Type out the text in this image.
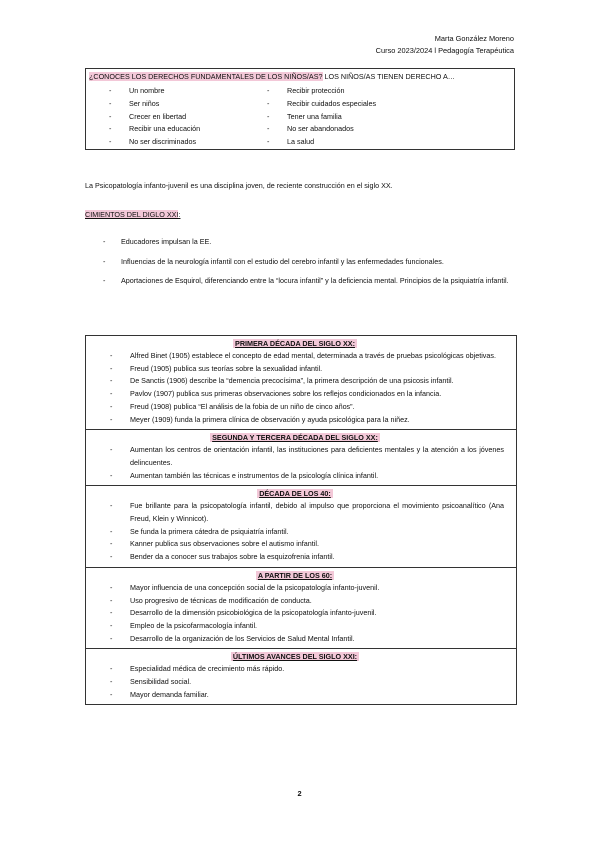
Marta González Moreno
Curso 2023/2024 l Pedagogía Terapéutica
¿CONOCES LOS DERECHOS FUNDAMENTALES DE LOS NIÑOS/AS? LOS NIÑOS/AS TIENEN DERECHO A…
- Un nombre
- Ser niños
- Crecer en libertad
- Recibir una educación
- No ser discriminados
- Recibir protección
- Recibir cuidados especiales
- Tener una familia
- No ser abandonados
- La salud
La Psicopatología infanto-juvenil es una disciplina joven, de reciente construcción en el siglo XX.
CIMIENTOS DEL DIGLO XXI:
- Educadores impulsan la EE.
- Influencias de la neurología infantil con el estudio del cerebro infantil y las enfermedades funcionales.
- Aportaciones de Esquirol, diferenciando entre la “locura infantil” y la deficiencia mental. Principios de la psiquiatría infantil.
PRIMERA DÉCADA DEL SIGLO XX:
- Alfred Binet (1905) establece el concepto de edad mental, determinada a través de pruebas psicológicas objetivas.
- Freud (1905) publica sus teorías sobre la sexualidad infantil.
- De Sanctis (1906) describe la “demencia precocísima”, la primera descripción de una psicosis infantil.
- Pavlov (1907) publica sus primeras observaciones sobre los reflejos condicionados en la infancia.
- Freud (1908) publica “El análisis de la fobia de un niño de cinco años”.
- Meyer (1909) funda la primera clínica de observación y ayuda psicológica para la niñez.
SEGUNDA Y TERCERA DÉCADA DEL SIGLO XX:
- Aumentan los centros de orientación infantil, las instituciones para deficientes mentales y la atención a los jóvenes delincuentes.
- Aumentan también las técnicas e instrumentos de la psicología clínica infantil.
DÉCADA DE LOS 40:
- Fue brillante para la psicopatología infantil, debido al impulso que proporciona el movimiento psicoanalítico (Ana Freud, Klein y Winnicot).
- Se funda la primera cátedra de psiquiatría infantil.
- Kanner publica sus observaciones sobre el autismo infantil.
- Bender da a conocer sus trabajos sobre la esquizofrenia infantil.
A PARTIR DE LOS 60:
- Mayor influencia de una concepción social de la psicopatología infanto-juvenil.
- Uso progresivo de técnicas de modificación de conducta.
- Desarrollo de la dimensión psicobiológica de la psicopatología infanto-juvenil.
- Empleo de la psicofarmacología infantil.
- Desarrollo de la organización de los Servicios de Salud Mental Infantil.
ÚLTIMOS AVANCES DEL SIGLO XXI:
- Especialidad médica de crecimiento más rápido.
- Sensibilidad social.
- Mayor demanda familiar.
2
